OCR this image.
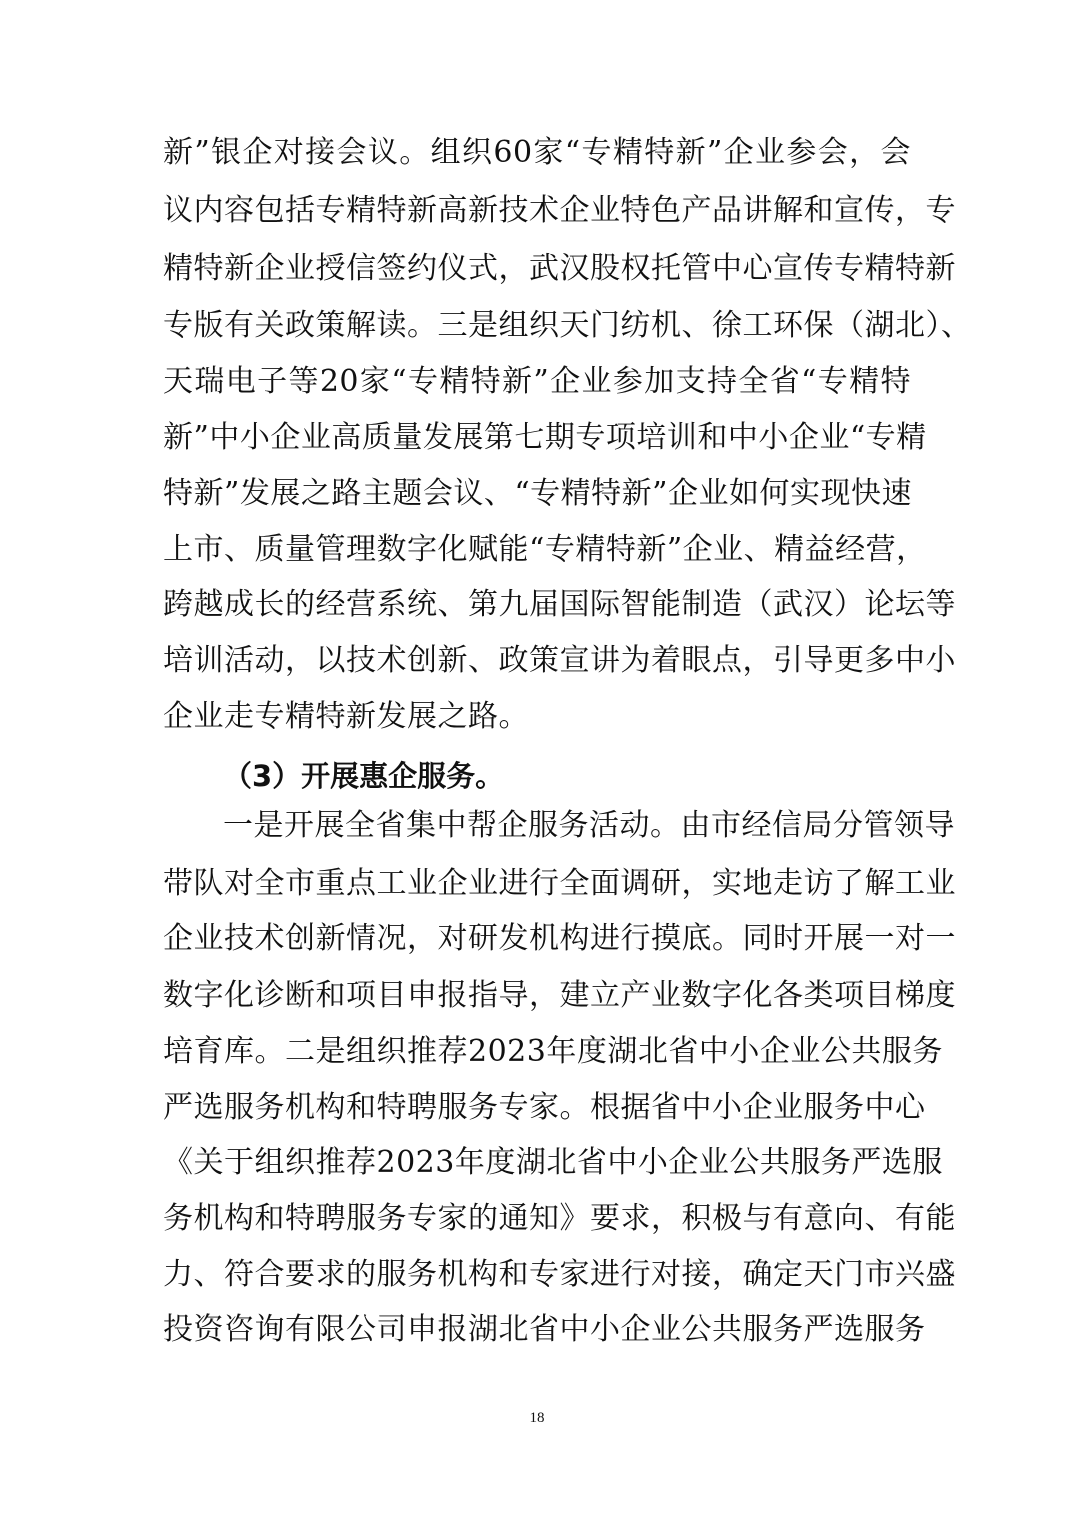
新”银企对接会议。组织60家“专精特新”企业参会，会
议内容包括专精特新高新技术企业特色产品讲解和宣传，专
精特新企业授信签约仪式，武汉股权托管中心宣传专精特新
专版有关政策解读。三是组织天门纺机、徐工环保（湖北）、
天瑞电子等20家“专精特新”企业参加支持全省“专精特
新”中小企业高质量发展第七期专项培训和中小企业“专精
特新”发展之路主题会议、“专精特新”企业如何实现快速
上市、质量管理数字化赋能“专精特新”企业、精益经营，
跨越成长的经营系统、第九届国际智能制造（武汉）论坛等
培训活动，以技术创新、政策宣讲为着眼点，引导更多中小
企业走专精特新发展之路。
（3）开展惠企服务。
一是开展全省集中帮企服务活动。由市经信局分管领导
带队对全市重点工业企业进行全面调研，实地走访了解工业
企业技术创新情况，对研发机构进行摸底。同时开展一对一
数字化诊断和项目申报指导，建立产业数字化各类项目梯度
培育库。二是组织推荐2023年度湖北省中小企业公共服务
严选服务机构和特聘服务专家。根据省中小企业服务中心
《关于组织推荐2023年度湖北省中小企业公共服务严选服
务机构和特聘服务专家的通知》要求，积极与有意向、有能
力、符合要求的服务机构和专家进行对接，确定天门市兴盛
投资咨询有限公司申报湖北省中小企业公共服务严选服务
18
